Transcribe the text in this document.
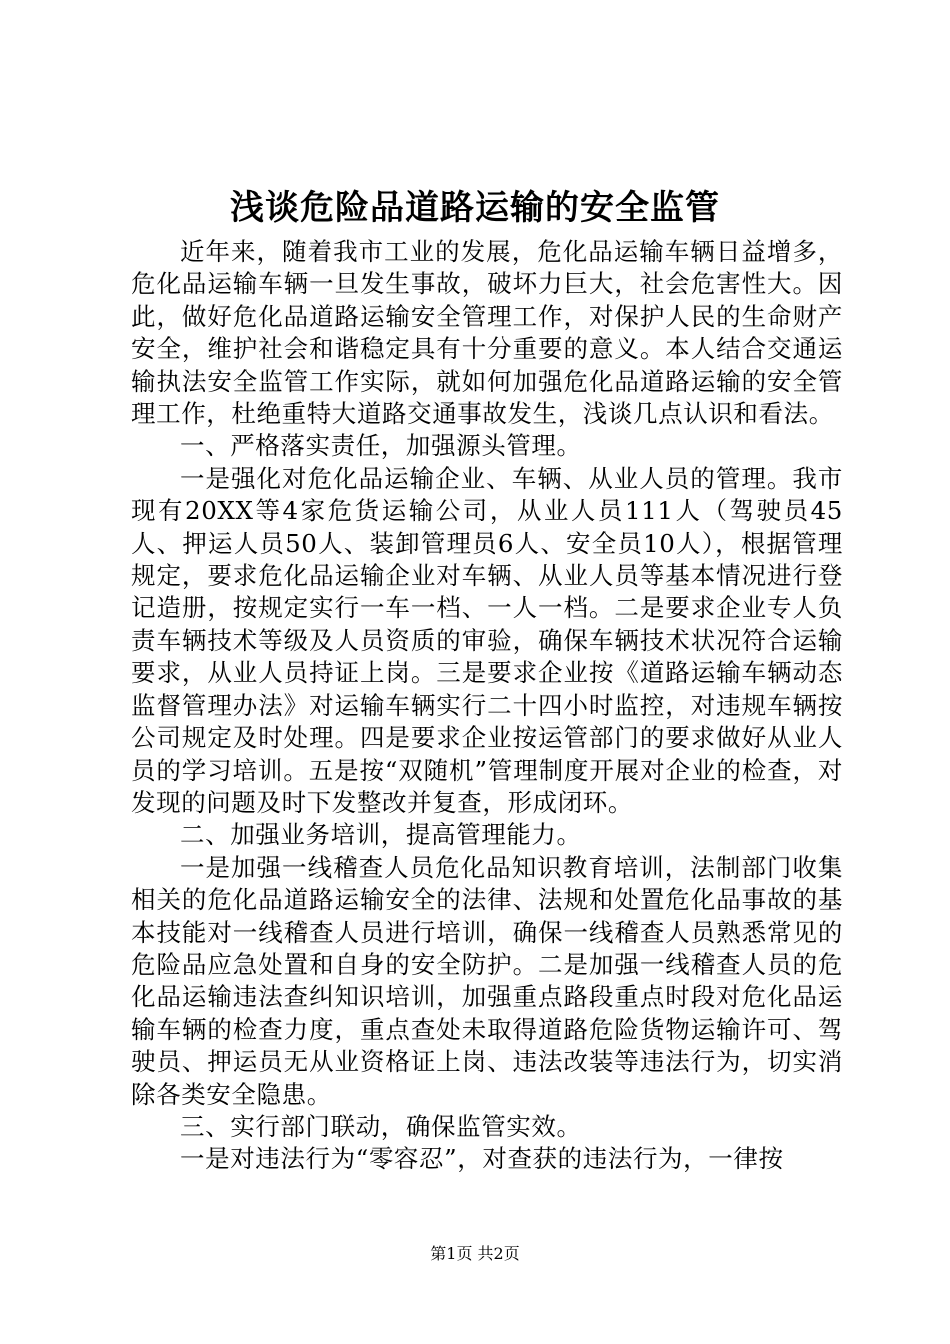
浅谈危险品道路运输的安全监管

近年来，随着我市工业的发展，危化品运输车辆日益增多，危化品运输车辆一旦发生事故，破坏力巨大，社会危害性大。因此，做好危化品道路运输安全管理工作，对保护人民的生命财产安全，维护社会和谐稳定具有十分重要的意义。本人结合交通运输执法安全监管工作实际，就如何加强危化品道路运输的安全管理工作，杜绝重特大道路交通事故发生，浅谈几点认识和看法。

一、严格落实责任，加强源头管理。

一是强化对危化品运输企业、车辆、从业人员的管理。我市现有20XX等4家危货运输公司，从业人员111人（驾驶员45人、押运人员50人、装卸管理员6人、安全员10人），根据管理规定，要求危化品运输企业对车辆、从业人员等基本情况进行登记造册，按规定实行一车一档、一人一档。二是要求企业专人负责车辆技术等级及人员资质的审验，确保车辆技术状况符合运输要求，从业人员持证上岗。三是要求企业按《道路运输车辆动态监督管理办法》对运输车辆实行二十四小时监控，对违规车辆按公司规定及时处理。四是要求企业按运管部门的要求做好从业人员的学习培训。五是按“双随机”管理制度开展对企业的检查，对发现的问题及时下发整改并复查，形成闭环。

二、加强业务培训，提高管理能力。

一是加强一线稽查人员危化品知识教育培训，法制部门收集相关的危化品道路运输安全的法律、法规和处置危化品事故的基本技能对一线稽查人员进行培训，确保一线稽查人员熟悉常见的危险品应急处置和自身的安全防护。二是加强一线稽查人员的危化品运输违法查纠知识培训，加强重点路段重点时段对危化品运输车辆的检查力度，重点查处未取得道路危险货物运输许可、驾驶员、押运员无从业资格证上岗、违法改装等违法行为，切实消除各类安全隐患。

三、实行部门联动，确保监管实效。

一是对违法行为“零容忍”，对查获的违法行为，一律按

第1页 共2页
